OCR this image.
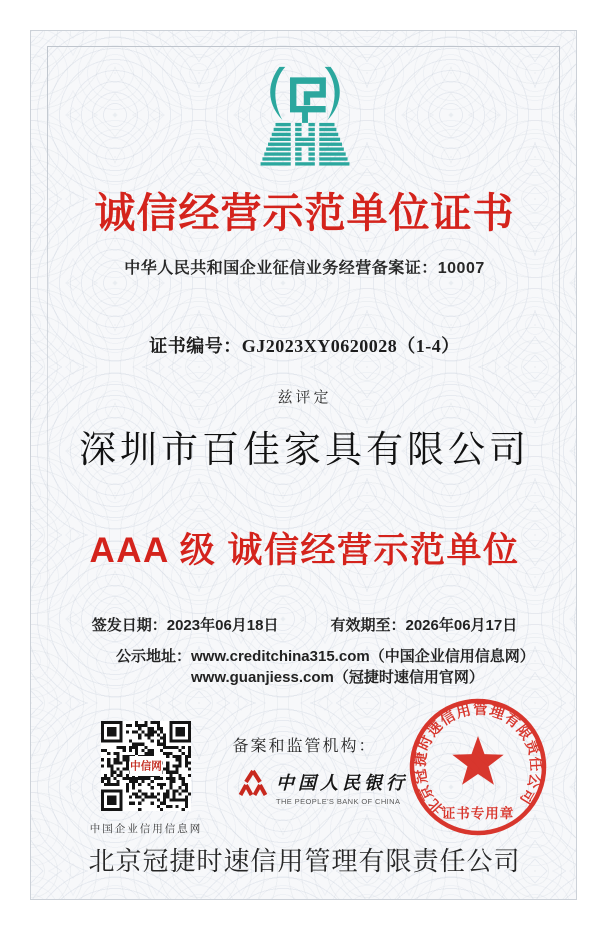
诚信经营示范单位证书
中华人民共和国企业征信业务经营备案证：10007
证书编号：GJ2023XY0620028（1-4）
兹评定
深圳市百佳家具有限公司
AAA 级 诚信经营示范单位
签发日期：2023年06月18日	有效期至：2026年06月17日
公示地址： www.creditchina315.com（中国企业信用信息网）
www.guanjiess.com（冠捷时速信用官网）
备案和监管机构：
中信网
中国企业信用信息网
中国人民银行
THE PEOPLE'S BANK OF CHINA	北京冠捷时速信用管理有限责任公司
证书专用章
北京冠捷时速信用管理有限责任公司
